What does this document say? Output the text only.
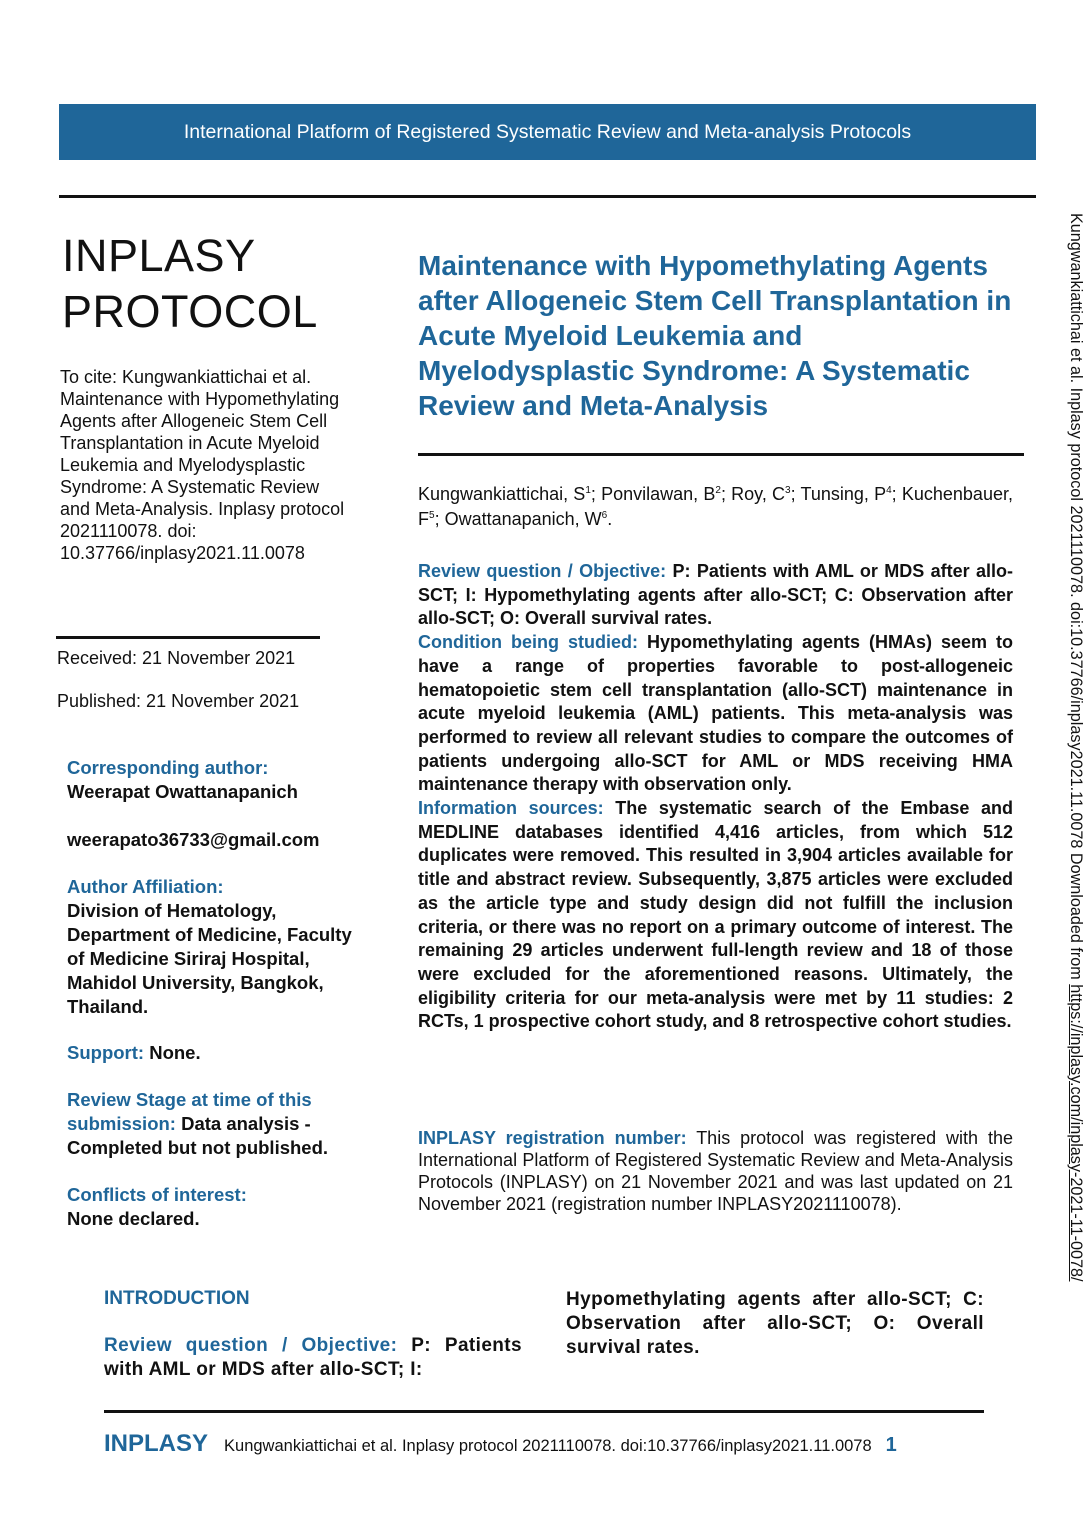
International Platform of Registered Systematic Review and Meta-analysis Protocols
INPLASY
PROTOCOL
To cite: Kungwankiattichai et al. Maintenance with Hypomethylating Agents after Allogeneic Stem Cell Transplantation in Acute Myeloid Leukemia and Myelodysplastic Syndrome: A Systematic Review and Meta-Analysis. Inplasy protocol 2021110078. doi: 10.37766/inplasy2021.11.0078
Received: 21 November 2021
Published: 21 November 2021
Corresponding author:
Weerapat Owattanapanich
weerapato36733@gmail.com
Author Affiliation:
Division of Hematology, Department of Medicine, Faculty of Medicine Siriraj Hospital, Mahidol University, Bangkok, Thailand.
Support: None.
Review Stage at time of this submission: Data analysis - Completed but not published.
Conflicts of interest:
None declared.
Maintenance with Hypomethylating Agents after Allogeneic Stem Cell Transplantation in Acute Myeloid Leukemia and Myelodysplastic Syndrome: A Systematic Review and Meta-Analysis
Kungwankiattichai, $S^1$; Ponvilawan, $B^2$; Roy, $C^3$; Tunsing, $P^4$; Kuchenbauer, $F^5$; Owattanapanich, $W^6$.

Review question / Objective: P: Patients with AML or MDS after allo-SCT; I: Hypomethylating agents after allo-SCT; C: Observation after allo-SCT; O: Overall survival rates.

Condition being studied: Hypomethylating agents (HMAs) seem to have a range of properties favorable to post-allogeneic hematopoietic stem cell transplantation (allo-SCT) maintenance in acute myeloid leukemia (AML) patients. This meta-analysis was performed to review all relevant studies to compare the outcomes of patients undergoing allo-SCT for AML or MDS receiving HMA maintenance therapy with observation only.

Information sources: The systematic search of the Embase and MEDLINE databases identified 4,416 articles, from which 512 duplicates were removed. This resulted in 3,904 articles available for title and abstract review. Subsequently, 3,875 articles were excluded as the article type and study design did not fulfill the inclusion criteria, or there was no report on a primary outcome of interest. The remaining 29 articles underwent full-length review and 18 of those were excluded for the aforementioned reasons. Ultimately, the eligibility criteria for our meta-analysis were met by 11 studies: 2 RCTs, 1 prospective cohort study, and 8 retrospective cohort studies.

INPLASY registration number: This protocol was registered with the International Platform of Registered Systematic Review and Meta-Analysis Protocols (INPLASY) on 21 November 2021 and was last updated on 21 November 2021 (registration number INPLASY2021110078).
INTRODUCTION
Review question / Objective: P: Patients with AML or MDS after allo-SCT; I:
Hypomethylating agents after allo-SCT; C: Observation after allo-SCT; O: Overall survival rates.
INPLASY Kungwankiattichai et al. Inplasy protocol 2021110078. doi:10.37766/inplasy2021.11.0078 1
Kungwankiattichai et al. Inplasy protocol 2021110078. doi:10.37766/inplasy2021.11.0078 Downloaded from https://inplasy.com/inplasy-2021-11-0078/
